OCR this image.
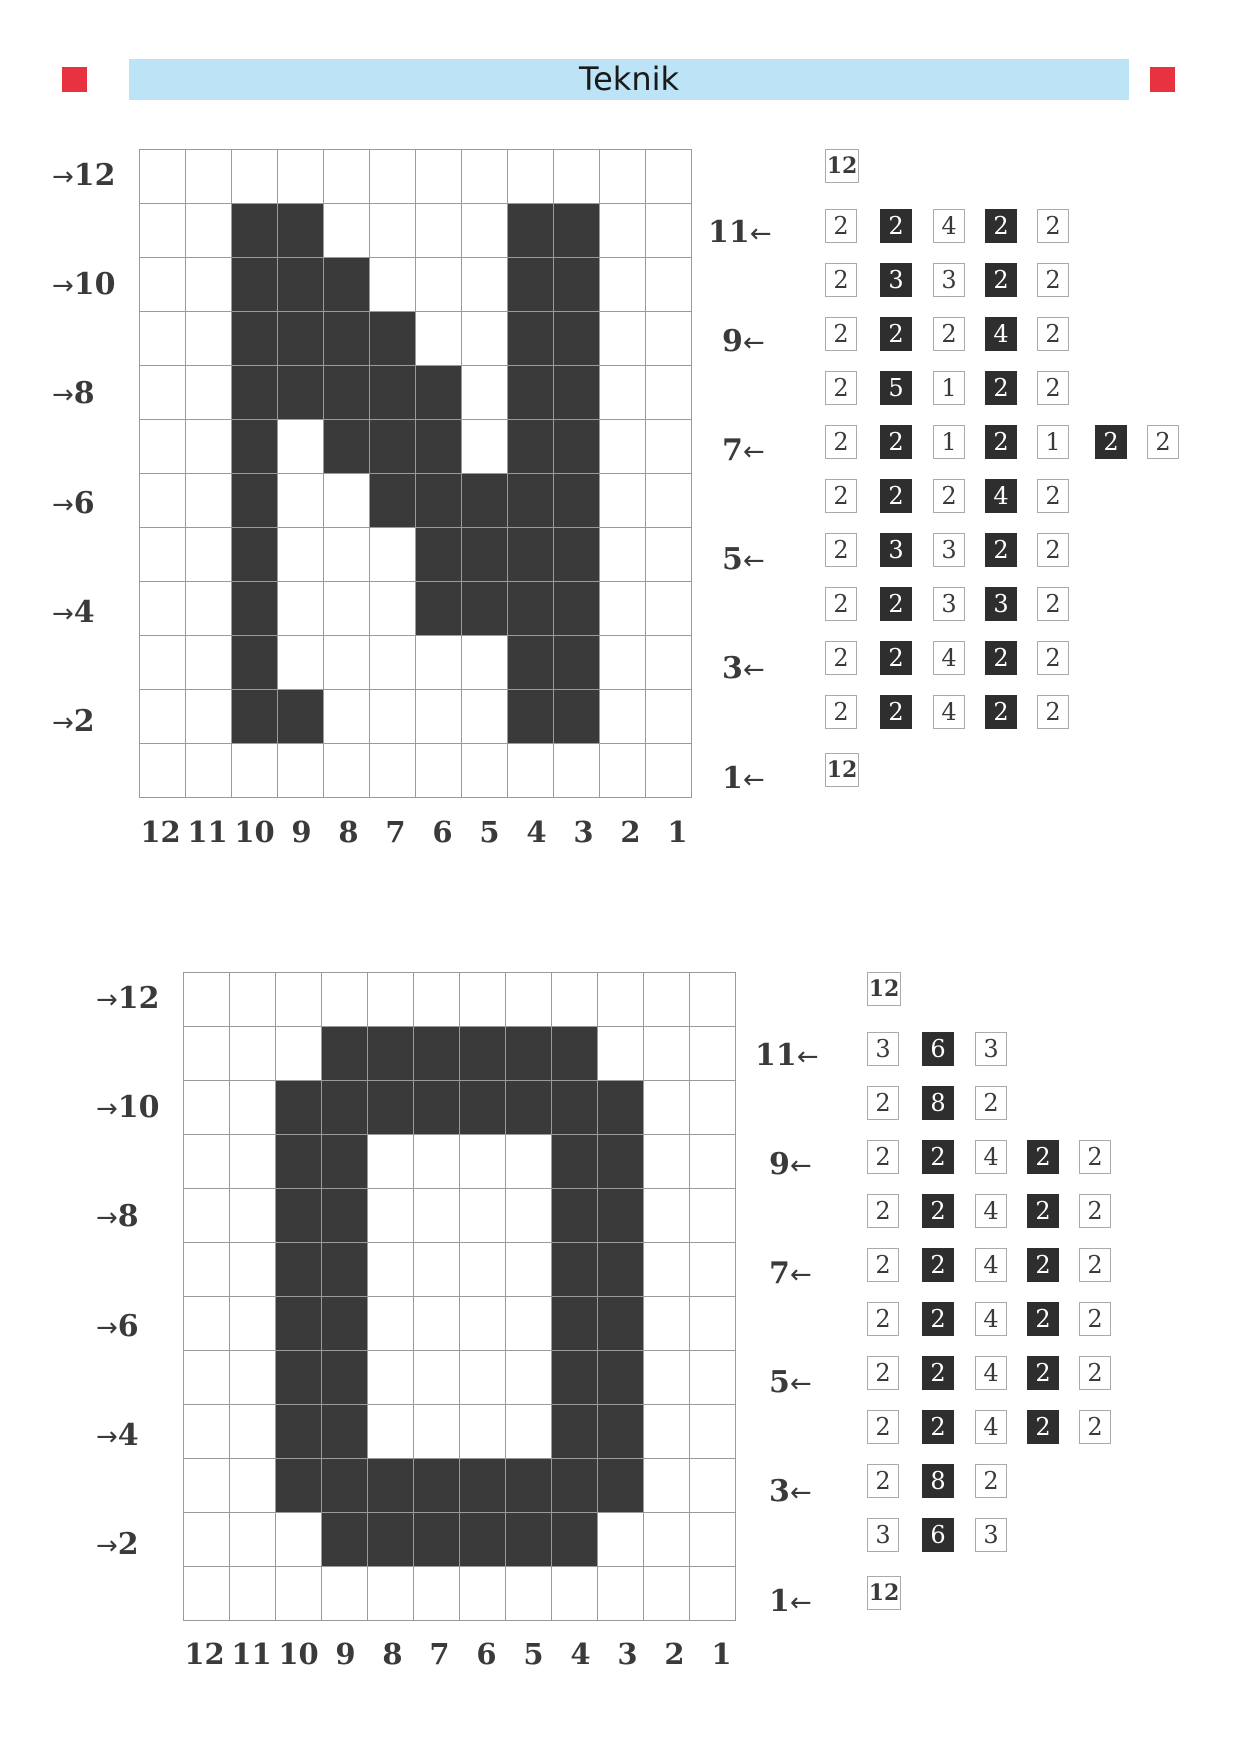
Teknik

→2
→4
→6
→8
→10
→12
1←
3←
5←
7←
9←
11←
12 11 10 9 8 7 6 5 4 3 2 1
12
2	2	4	2	2
2	3	3	2	2
2	2	2	4	2
2	5	1	2	2
2	2	1	2	1	2	2
2	2	2	4	2
2	3	3	2	2
2	2	3	3	2
2	2	4	2	2
2	2	4	2	2
12

→2
→4
→6
→8
→10
→12
1←
3←
5←
7←
9←
11←
12 11 10 9 8 7 6 5 4 3 2 1
12
3	6	3
2	8	2
2	2	4	2	2
2	2	4	2	2
2	2	4	2	2
2	2	4	2	2
2	2	4	2	2
2	2	4	2	2
2	8	2
3	6	3
12
